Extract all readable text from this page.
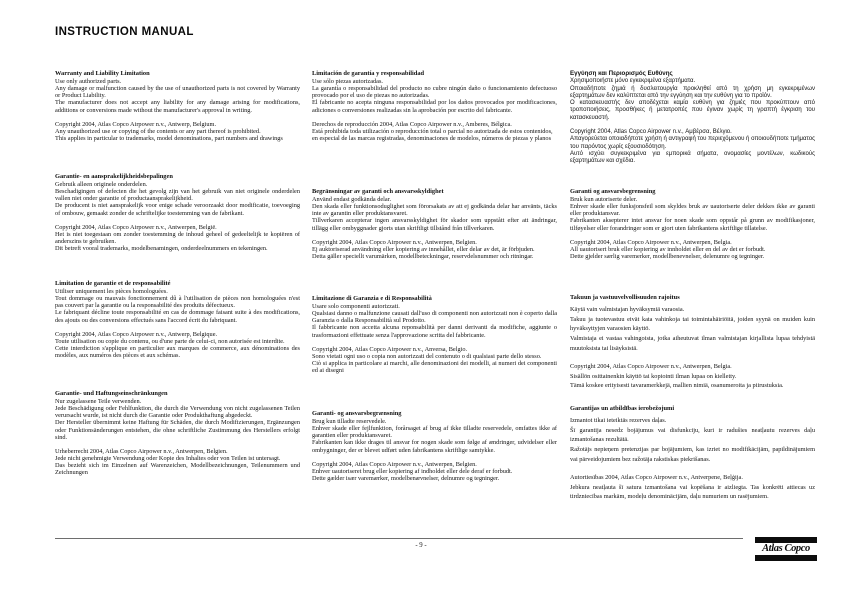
INSTRUCTION MANUAL
Warranty and Liability Limitation

Use only authorized parts.

Any damage or malfunction caused by the use of unauthorized parts is not covered by Warranty or Product Liability.

The manufacturer does not accept any liability for any damage arising for modifications, additions or conversions made without the manufacturer's approval in writing.

Copyright 2004, Atlas Copco Airpower n.v., Antwerp, Belgium.

Any unauthorized use or copying of the contents or any part thereof is prohibited.

This applies in particular to trademarks, model denominations, part numbers and drawings

Garantie- en aansprakelijkheidsbepalingen

Gebruik alleen originele onderdelen.

Beschadigingen of defecten die het gevolg zijn van het gebruik van niet originele onderdelen vallen niet onder garantie of productaansprakelijkheid.

De producent is niet aansprakelijk voor enige schade veroorzaakt door modificatie, toevoeging of ombouw, gemaakt zonder de schriftelijke toestemming van de fabrikant.

Copyright 2004, Atlas Copco Airpower n.v., Antwerpen, België.

Het is niet toegestaan om zonder toestemming de inhoud geheel of gedeeltelijk te kopiëren of anderszins te gebruiken.

Dit betreft vooral trademarks, modelbenamingen, onderdeelnummers en tekeningen.

Limitation de garantie et de responsabilité

Utiliser uniquement les pièces homologuées.

Tout dommage ou mauvais fonctionnement dû à l'utilisation de pièces non homologuées n'est pas couvert par la garantie ou la responsabilité des produits défectueux.

Le fabriquant décline toute responsabilité en cas de dommage faisant suite à des modifications, des ajouts ou des conversions effectués sans l'accord écrit du fabriquant.

Copyright 2004, Atlas Copco Airpower n.v., Antwerp, Belgique.

Toute utilisation ou copie du contenu, ou d'une parte de celui-ci, non autorisée est interdite.

Cette interdiction s'applique en particulier aux marques de commerce, aux dénominations des modèles, aux numéros des pièces et aux schémas.

Garantie- und Haftungseinschränkungen

Nur zugelassene Teile verwenden.

Jede Beschädigung oder Fehlfunktion, die durch die Verwendung von nicht zugelassenen Teilen verursacht wurde, ist nicht durch die Garantie oder Produkthaftung abgedeckt.

Der Hersteller übernimmt keine Haftung für Schäden, die durch Modifizierungen, Ergänzungen oder Funktionsänderungen entstehen, die ohne schriftliche Zustimmung des Herstellers erfolgt sind.

Urheberrecht 2004, Atlas Copco Airpower n.v., Antwerpen, Belgien.

Jede nicht genehmigte Verwendung oder Kopie des Inhaltes oder von Teilen ist untersagt.

Das bezieht sich im Einzelnen auf Warenzeichen, Modellbezeichnungen, Teilenummern und Zeichnungen

Limitación de garantía y responsabilidad

Use sólo piezas autorizadas.

La garantía o responsabilidad del producto no cubre ningún daño o funcionamiento defectuoso provocado por el uso de piezas no autorizadas.

El fabricante no acepta ninguna responsabilidad por los daños provocados por modificaciones, adiciones o conversiones realizadas sin la aprobación por escrito del fabricante.

Derechos de reproducción 2004, Atlas Copco Airpower n.v., Amberes, Bélgica.

Está prohibida toda utilización o reproducción total o parcial no autorizada de estos contenidos,

en especial de las marcas registradas, denominaciones de modelos, números de piezas y planos

Begränsningar av garanti och ansvarsskyldighet

Använd endast godkända delar.

Den skada eller funktionsoduglighet som förorsakats av att ej godkända delar har använts, täcks inte av garantin eller produktansvaret.

Tillverkaren accepterar ingen ansvarsskyldighet för skador som uppstått efter att ändringar, tillägg eller ombyggnader gjorts utan skriftligt tillstånd från tillverkaren.

Copyright 2004, Atlas Copco Airpower n.v., Antwerpen, Belgien.

Ej auktoriserad användning eller kopiering av innehållet, eller delar av det, är förbjuden.

Detta gäller speciellt varumärken, modellbeteckningar, reservdelsnummer och ritningar.

Limitazione di Garanzia e di Responsabilità

Usare solo componenti autorizzati.

Qualsiasi danno o malfunzione causati dall'uso di componenti non autorizzati non è coperto dalla Garanzia o dalla Responsabilità sul Prodotto.

Il fabbricante non accetta alcuna reponsabilità per danni derivanti da modifiche, aggiunte o trasformazioni effettuate senza l'approvazione scritta del fabbricante.

Copyright 2004, Atlas Copco Airpower n.v., Anversa, Belgio.

Sono vietati ogni uso o copia non autorizzati del contenuto o di qualsiasi parte dello stesso.

Ciò si applica in particolare ai marchi, alle denominazioni dei modelli, ai numeri dei componenti ed ai disegni

Garanti- og ansvarsbegrænsning

Brug kun tilladte reservedele.

Enhver skade eller fejlfunktion, forårsaget af brug af ikke tilladte reservedele, omfattes ikke af garantien eller produktansvaret.

Fabrikanten kan ikke drages til ansvar for nogen skade som følge af ændringer, udvidelser eller ombygninger, der er blevet udført uden fabrikantens skriftlige samtykke.

Copyright 2004, Atlas Copco Airpower n.v., Antwerpen, Belgien.

Enhver uautoriseret brug eller kopiering af indholdet eller dele deraf er forbudt.

Dette gælder især varemærker, modelbenævnelser, delnumre og tegninger.

Εγγύηση και Περιορισμός Ευθύνης

Χρησιμοποιήστε μόνο εγκεκριμένα εξαρτήματα.

Οποιαδήποτε ζημιά ή δυσλειτουργία προκληθεί από τη χρήση μη εγκεκριμένων εξαρτημάτων δεν καλύπτεται από την εγγύηση και την ευθύνη για το προϊόν.

Ο κατασκευαστής δεν αποδέχεται καμία ευθύνη για ζημιές που προκύπτουν από τροποποιήσεις, προσθήκες ή μετατροπές που έγιναν χωρίς τη γραπτή έγκριση του κατασκευαστή.

Copyright 2004, Atlas Copco Airpower n.v., Αμβέρσα, Βέλγιο.

Απαγορεύεται οποιαδήποτε χρήση ή αντιγραφή του περιεχόμενου ή οποιουδήποτε τμήματος του παρόντος χωρίς εξουσιοδότηση.

Αυτό ισχύει συγκεκριμένα για εμπορικά σήματα, ονομασίες μοντέλων, κωδικούς εξαρτημάτων και σχέδια.

Garanti og ansvarsbegrensning

Bruk kun autoriserte deler.

Enhver skade eller funksjonsfeil som skyldes bruk av uautoriserte deler dekkes ikke av garanti eller produktansvar.

Fabrikanten aksepterer intet ansvar for noen skade som oppstår på grunn av modifikasjoner, tilføyelser eller forandringer som er gjort uten fabrikantens skriftlige tillatelse.

Copyright 2004, Atlas Copco Airpower n.v., Antwerpen, Belgia.

All uautorisert bruk eller kopiering av innholdet eller en del av det er forbudt.

Dette gjelder særlig varemerker, modellbenevnelser, delenumre og tegninger.

Takuun ja vastuuvelvollisuuden rajoitus

Käytä vain valmistajan hyväksymiä varaosia.

Takuu ja tuotevastuu eivät kata vahinkoja tai toimintahäiriöitä, joiden syynä on muiden kuin hyväksyttyjen varaosien käyttö.

Valmistaja ei vastaa vahingoista, jotka aiheutuvat ilman valmistajan kirjallista lupaa tehdyistä muutoksista tai lisäyksistä.

Copyright 2004, Atlas Copco Airpower n.v., Antwerpen, Belgia.

Sisällön osittainenkin käyttö tai kopiointi ilman lupaa on kielletty.

Tämä koskee erityisesti tavaramerkkejä, mallien nimiä, osanumeroita ja piirustuksia.

Garantijas un atbildības ierobežojumi

Izmantot tikai ieteiktās rezerves daļas.

Šī garantija nesedz bojājumus vai disfunkciju, kuri ir radušies neatļautu rezerves daļu izmantošanas rezultātā.

Ražotājs nepieņem pretenzijas par bojājumiem, kas izriet no modifikācijām, papildinājumiem vai pārveidojumiem bez ražotāja rakstiskas piekrišanas.

Autortiesības 2004, Atlas Copco Airpower n.v., Antverpene, Beļģija.

Jebkura neatļauta šī satura izmantošana vai kopēšana ir aizliegta. Tas konkrēti attiecas uz tirdzniecības markām, modeļu denominācijām, daļu numuriem un rasējumiem.

- 9 -	Atlas Copco
